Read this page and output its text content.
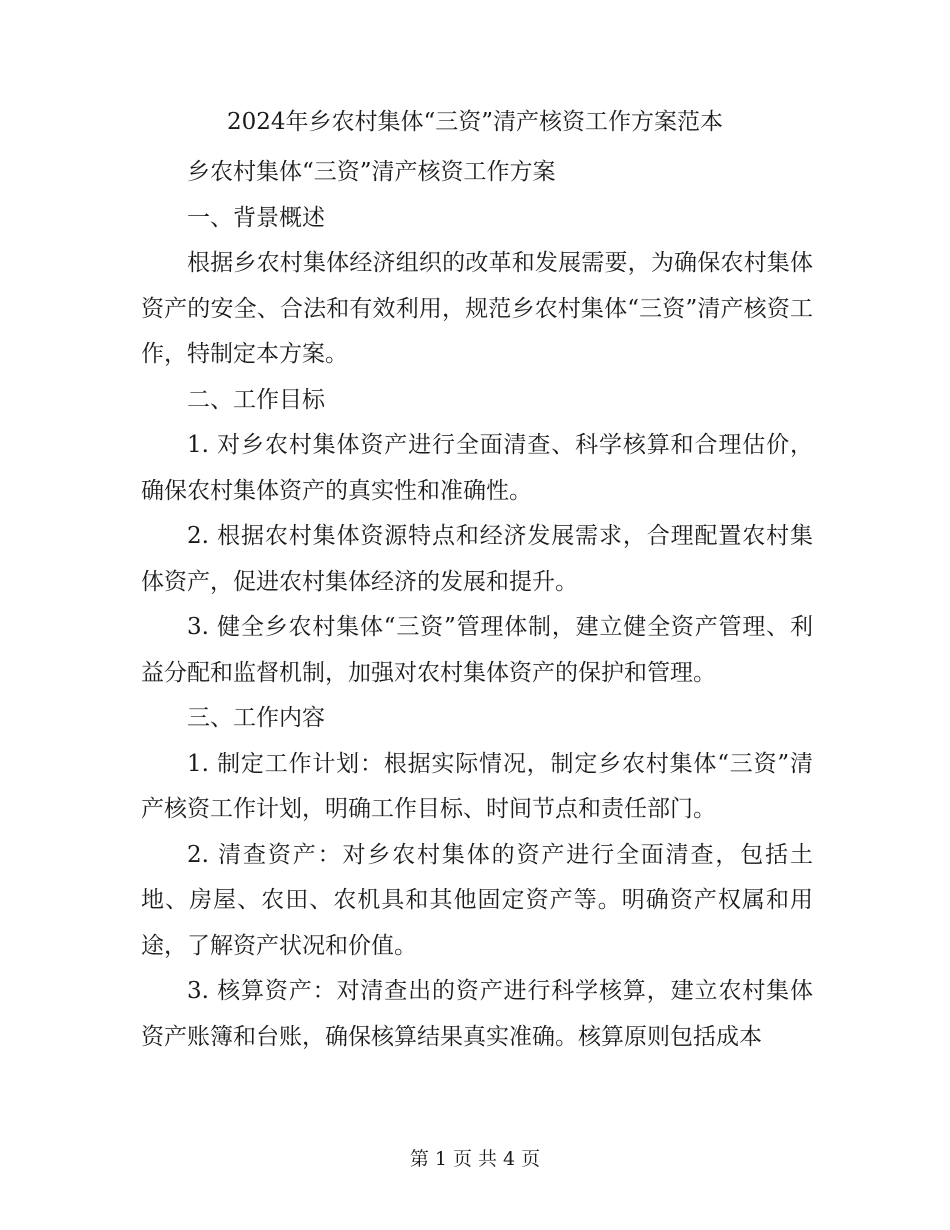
2024年乡农村集体“三资”清产核资工作方案范本

乡农村集体“三资”清产核资工作方案

一、背景概述

根据乡农村集体经济组织的改革和发展需要，为确保农村集体资产的安全、合法和有效利用，规范乡农村集体“三资”清产核资工作，特制定本方案。

二、工作目标

1. 对乡农村集体资产进行全面清查、科学核算和合理估价，确保农村集体资产的真实性和准确性。

2. 根据农村集体资源特点和经济发展需求，合理配置农村集体资产，促进农村集体经济的发展和提升。

3. 健全乡农村集体“三资”管理体制，建立健全资产管理、利益分配和监督机制，加强对农村集体资产的保护和管理。

三、工作内容

1. 制定工作计划：根据实际情况，制定乡农村集体“三资”清产核资工作计划，明确工作目标、时间节点和责任部门。

2. 清查资产：对乡农村集体的资产进行全面清查，包括土地、房屋、农田、农机具和其他固定资产等。明确资产权属和用途，了解资产状况和价值。

3. 核算资产：对清查出的资产进行科学核算，建立农村集体资产账簿和台账，确保核算结果真实准确。核算原则包括成本

第 1 页 共 4 页
